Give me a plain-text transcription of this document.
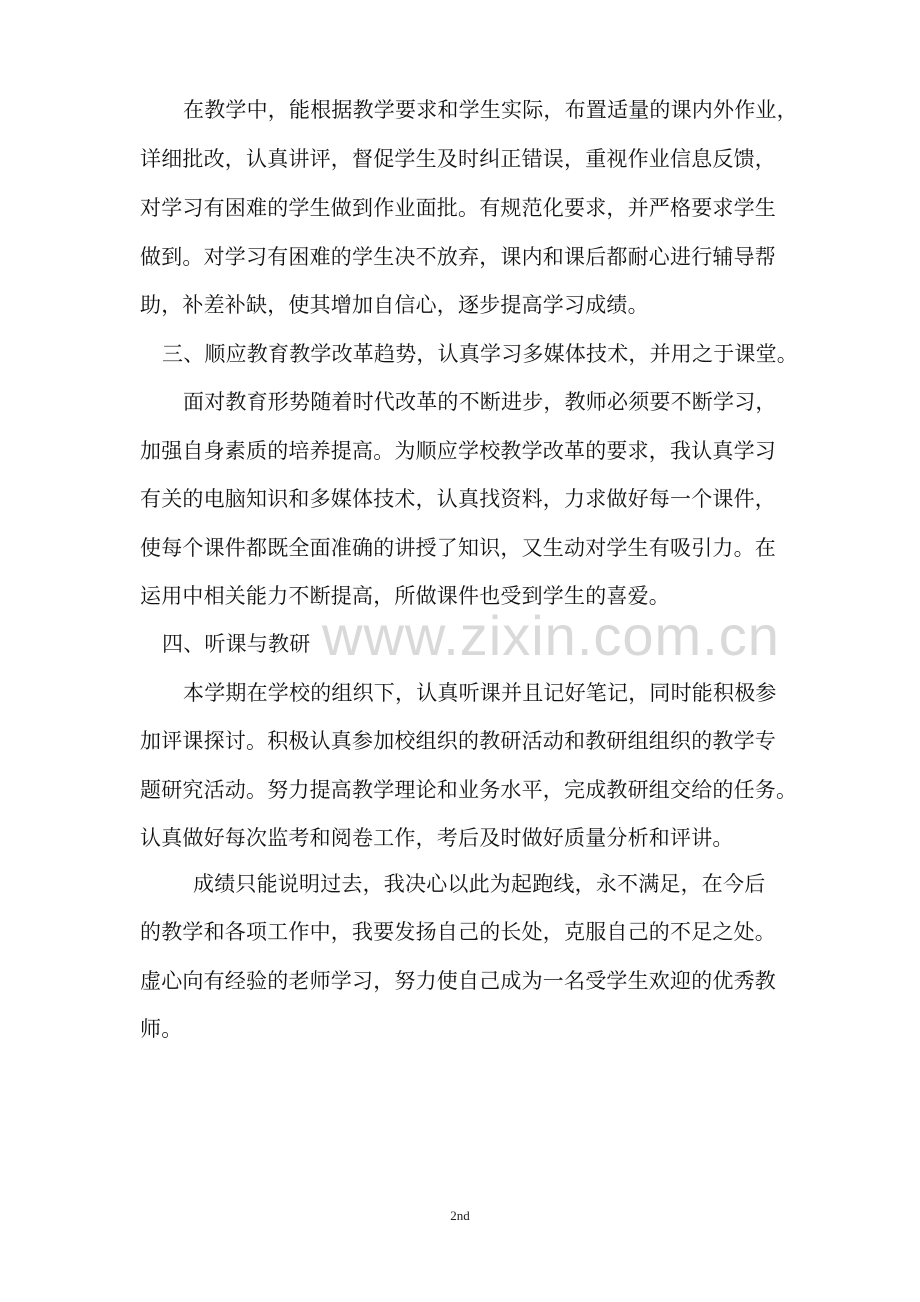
在教学中，能根据教学要求和学生实际，布置适量的课内外作业，
详细批改，认真讲评，督促学生及时纠正错误，重视作业信息反馈，
对学习有困难的学生做到作业面批。有规范化要求，并严格要求学生
做到。对学习有困难的学生决不放弃，课内和课后都耐心进行辅导帮
助，补差补缺，使其增加自信心，逐步提高学习成绩。
三、顺应教育教学改革趋势，认真学习多媒体技术，并用之于课堂。
面对教育形势随着时代改革的不断进步，教师必须要不断学习，
加强自身素质的培养提高。为顺应学校教学改革的要求，我认真学习
有关的电脑知识和多媒体技术，认真找资料，力求做好每一个课件，
使每个课件都既全面准确的讲授了知识，又生动对学生有吸引力。在
运用中相关能力不断提高，所做课件也受到学生的喜爱。
www.zixin.com.cn
四、听课与教研
本学期在学校的组织下，认真听课并且记好笔记，同时能积极参
加评课探讨。积极认真参加校组织的教研活动和教研组组织的教学专
题研究活动。努力提高教学理论和业务水平，完成教研组交给的任务。
认真做好每次监考和阅卷工作，考后及时做好质量分析和评讲。
成绩只能说明过去，我决心以此为起跑线，永不满足，在今后
的教学和各项工作中，我要发扬自己的长处，克服自己的不足之处。
虚心向有经验的老师学习，努力使自己成为一名受学生欢迎的优秀教
师。
2nd
